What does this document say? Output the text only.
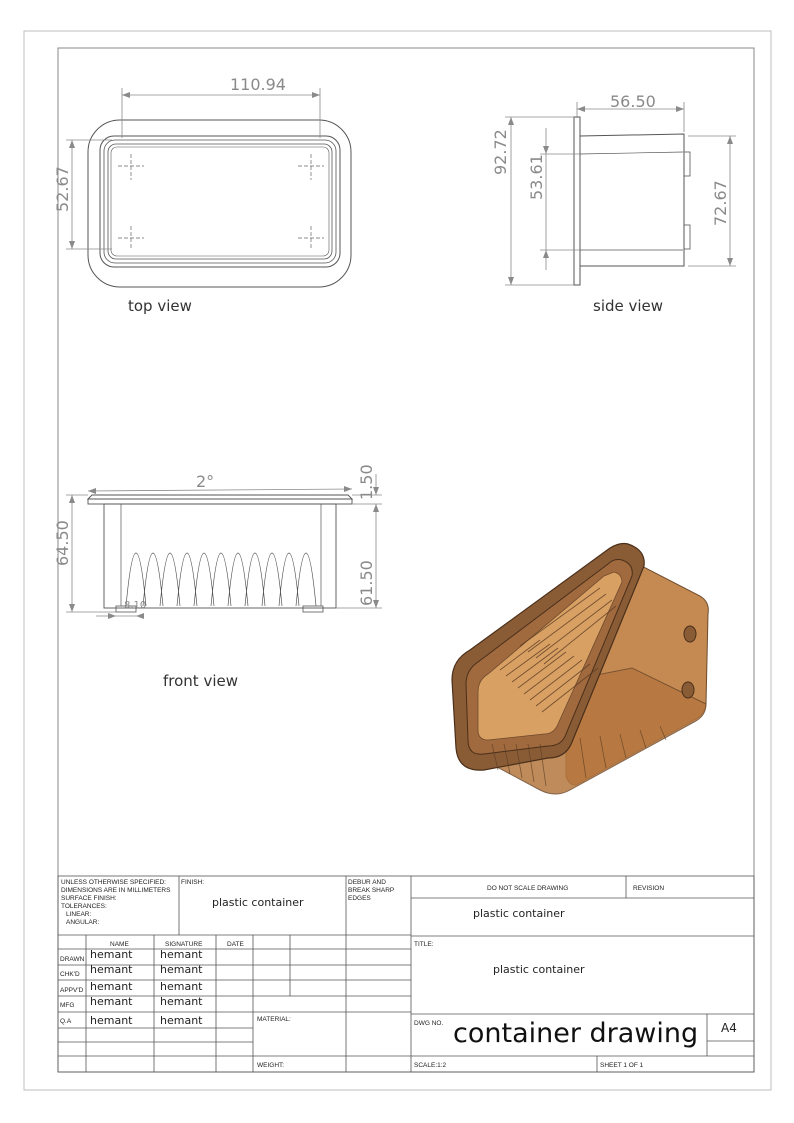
110.94
52.67
top view
56.50
92.72
53.61
72.67
side view
2°
64.50
1.50
61.50
8.10
front view
UNLESS OTHERWISE SPECIFIED:
DIMENSIONS ARE IN MILLIMETERS
SURFACE FINISH:
TOLERANCES:
LINEAR:
ANGULAR:
FINISH:
plastic container
DEBUR AND
BREAK SHARP
EDGES
DO NOT SCALE DRAWING	REVISION
plastic container
NAME	SIGNATURE	DATE
DRAWN hemant	hemant
CHK'D hemant	hemant
APPV'D hemant	hemant
MFG hemant	hemant
Q.A hemant	hemant
TITLE:
plastic container
MATERIAL:
WEIGHT:
DWG NO. container drawing A4
SCALE:1:2	SHEET 1 OF 1
